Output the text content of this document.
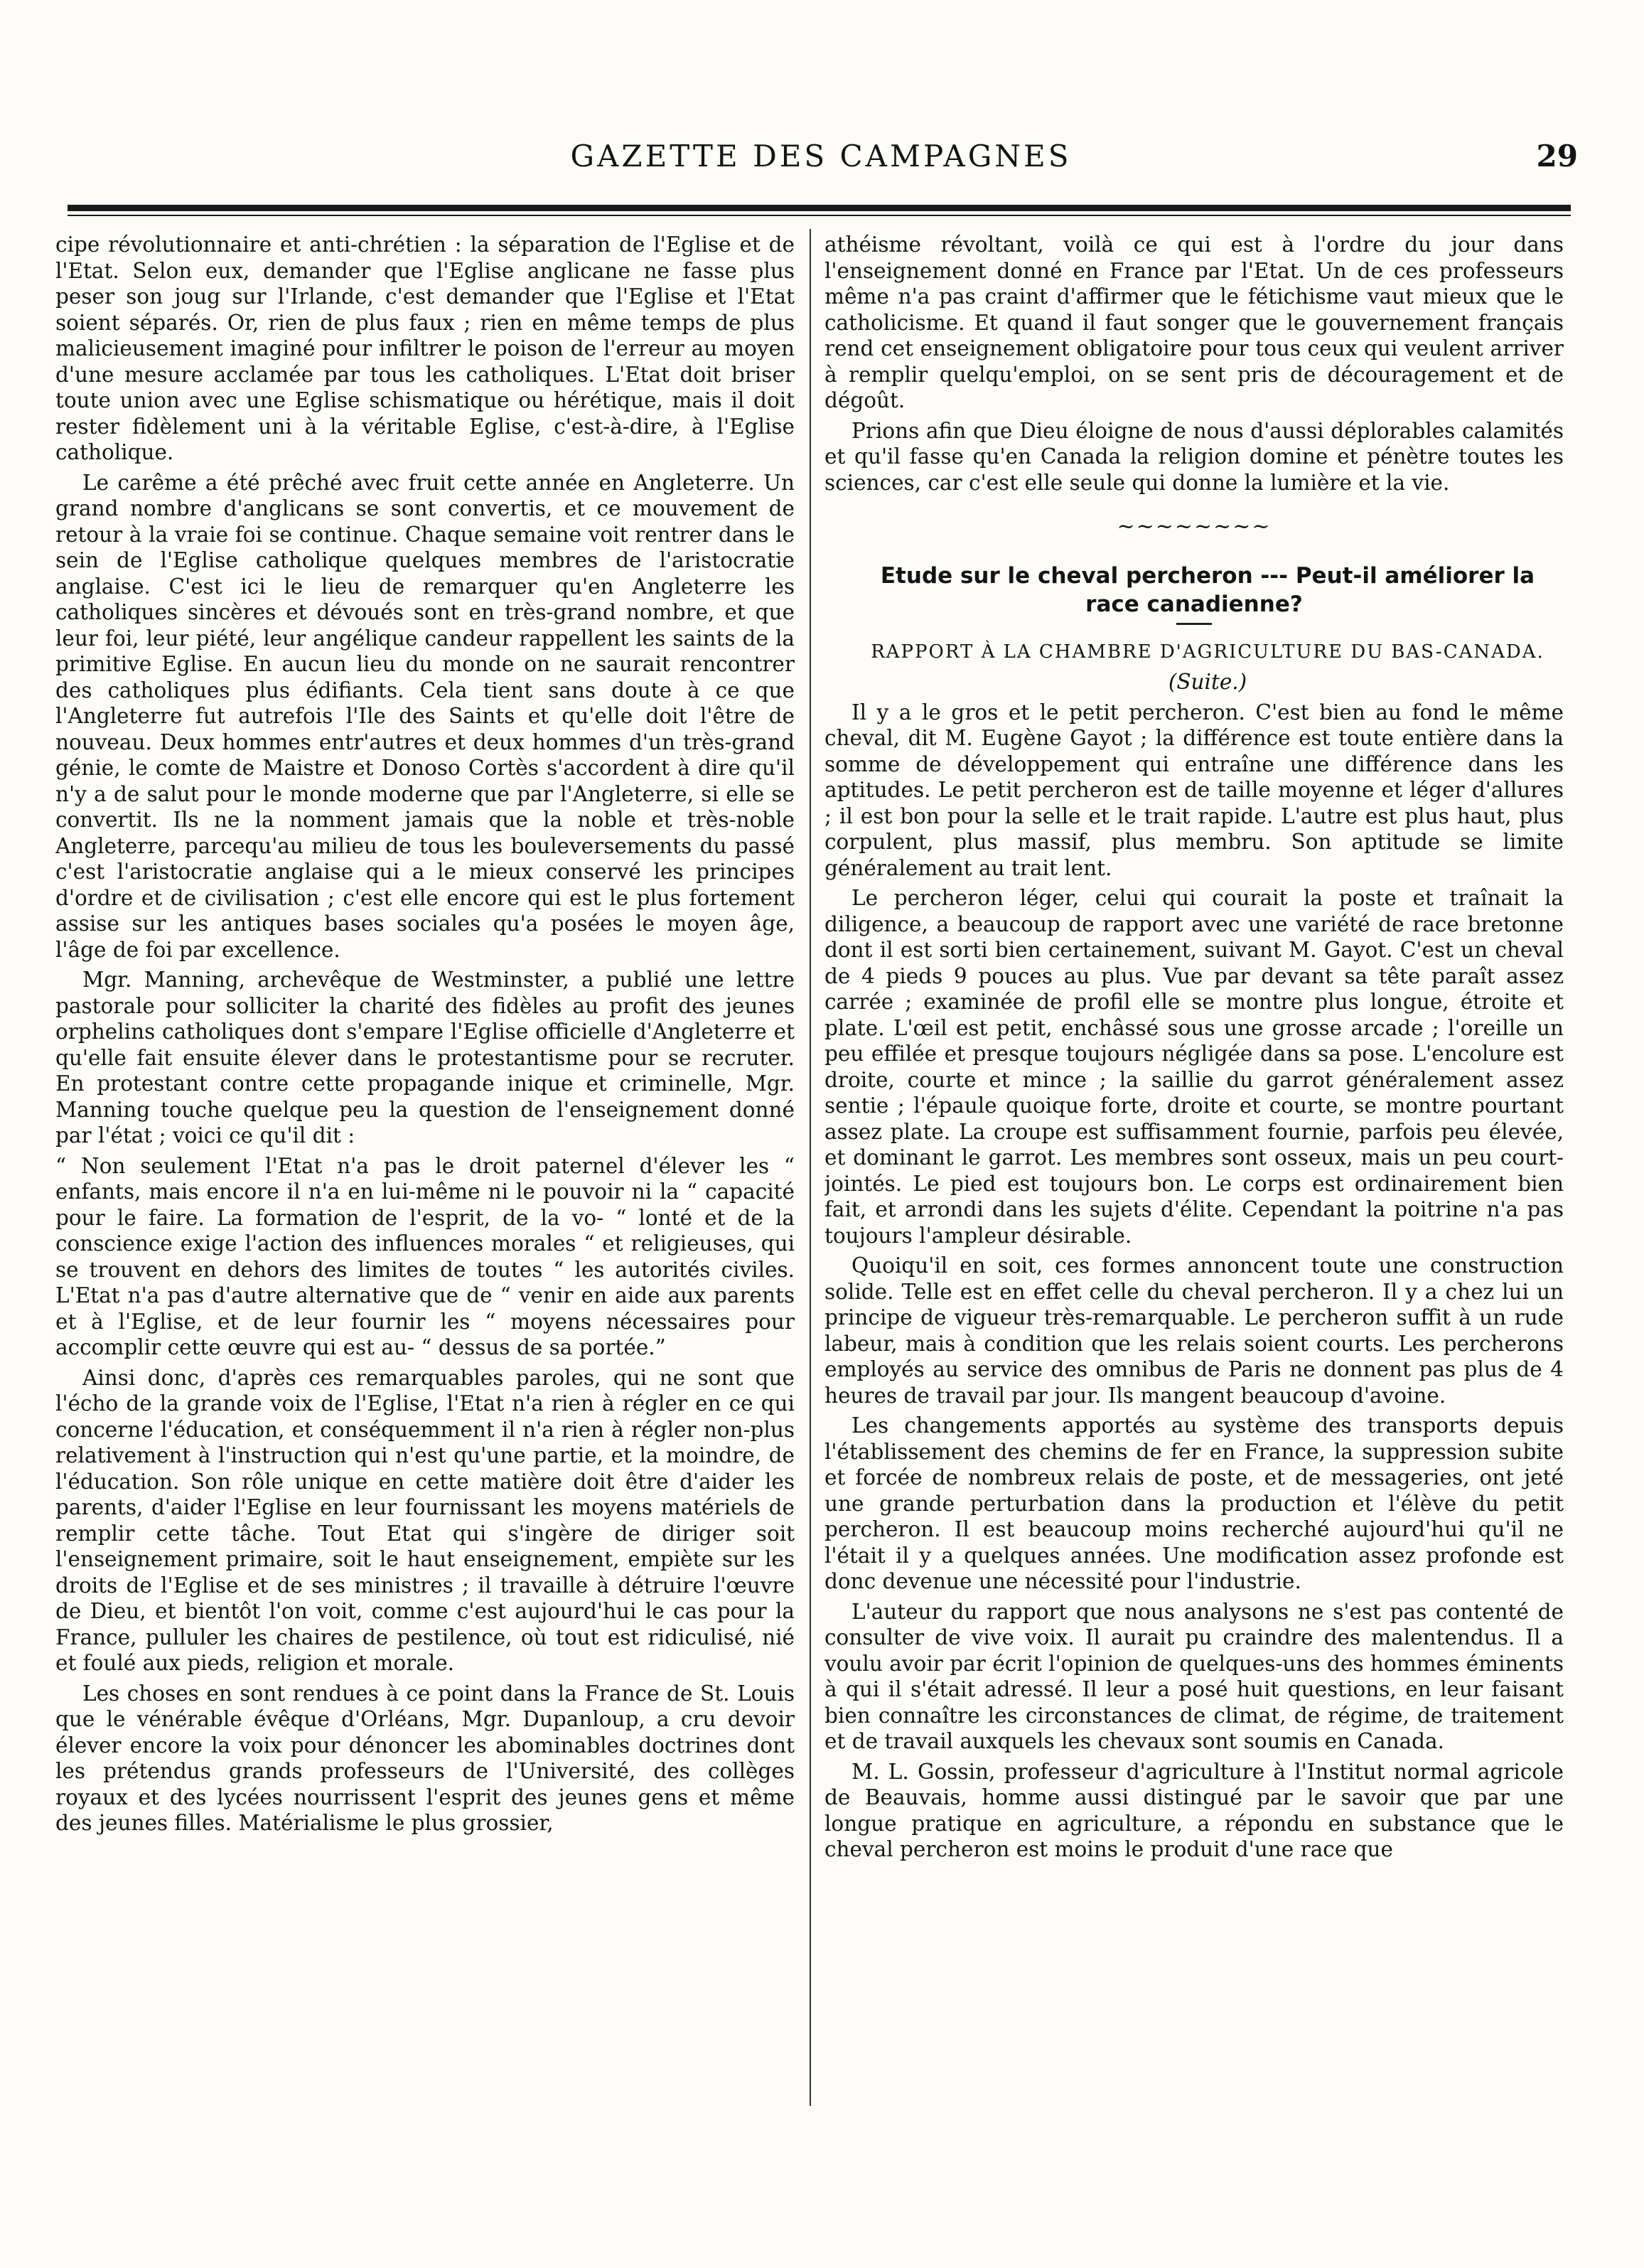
GAZETTE DES CAMPAGNES	29

cipe révolutionnaire et anti-chrétien : la séparation de l'Eglise et de l'Etat. Selon eux, demander que l'Eglise anglicane ne fasse plus peser son joug sur l'Irlande, c'est demander que l'Eglise et l'Etat soient séparés. Or, rien de plus faux ; rien en même temps de plus malicieusement imaginé pour infiltrer le poison de l'erreur au moyen d'une mesure acclamée par tous les catholiques. L'Etat doit briser toute union avec une Eglise schismatique ou hérétique, mais il doit rester fidèlement uni à la véritable Eglise, c'est-à-dire, à l'Eglise catholique.

Le carême a été prêché avec fruit cette année en Angleterre. Un grand nombre d'anglicans se sont convertis, et ce mouvement de retour à la vraie foi se continue. Chaque semaine voit rentrer dans le sein de l'Eglise catholique quelques membres de l'aristocratie anglaise. C'est ici le lieu de remarquer qu'en Angleterre les catholiques sincères et dévoués sont en très-grand nombre, et que leur foi, leur piété, leur angélique candeur rappellent les saints de la primitive Eglise. En aucun lieu du monde on ne saurait rencontrer des catholiques plus édifiants. Cela tient sans doute à ce que l'Angleterre fut autrefois l'Ile des Saints et qu'elle doit l'être de nouveau. Deux hommes entr'autres et deux hommes d'un très-grand génie, le comte de Maistre et Donoso Cortès s'accordent à dire qu'il n'y a de salut pour le monde moderne que par l'Angleterre, si elle se convertit. Ils ne la nomment jamais que la noble et très-noble Angleterre, parcequ'au milieu de tous les bouleversements du passé c'est l'aristocratie anglaise qui a le mieux conservé les principes d'ordre et de civilisation ; c'est elle encore qui est le plus fortement assise sur les antiques bases sociales qu'a posées le moyen âge, l'âge de foi par excellence.

Mgr. Manning, archevêque de Westminster, a publié une lettre pastorale pour solliciter la charité des fidèles au profit des jeunes orphelins catholiques dont s'empare l'Eglise officielle d'Angleterre et qu'elle fait ensuite élever dans le protestantisme pour se recruter. En protestant contre cette propagande inique et criminelle, Mgr. Manning touche quelque peu la question de l'enseignement donné par l'état ; voici ce qu'il dit :

“ Non seulement l'Etat n'a pas le droit paternel d'élever les “ enfants, mais encore il n'a en lui-même ni le pouvoir ni la “ capacité pour le faire. La formation de l'esprit, de la vo- “ lonté et de la conscience exige l'action des influences morales “ et religieuses, qui se trouvent en dehors des limites de toutes “ les autorités civiles. L'Etat n'a pas d'autre alternative que de “ venir en aide aux parents et à l'Eglise, et de leur fournir les “ moyens nécessaires pour accomplir cette œuvre qui est au- “ dessus de sa portée.”

Ainsi donc, d'après ces remarquables paroles, qui ne sont que l'écho de la grande voix de l'Eglise, l'Etat n'a rien à régler en ce qui concerne l'éducation, et conséquemment il n'a rien à régler non-plus relativement à l'instruction qui n'est qu'une partie, et la moindre, de l'éducation. Son rôle unique en cette matière doit être d'aider les parents, d'aider l'Eglise en leur fournissant les moyens matériels de remplir cette tâche. Tout Etat qui s'ingère de diriger soit l'enseignement primaire, soit le haut enseignement, empiète sur les droits de l'Eglise et de ses ministres ; il travaille à détruire l'œuvre de Dieu, et bientôt l'on voit, comme c'est aujourd'hui le cas pour la France, pulluler les chaires de pestilence, où tout est ridiculisé, nié et foulé aux pieds, religion et morale.

Les choses en sont rendues à ce point dans la France de St. Louis que le vénérable évêque d'Orléans, Mgr. Dupanloup, a cru devoir élever encore la voix pour dénoncer les abominables doctrines dont les prétendus grands professeurs de l'Université, des collèges royaux et des lycées nourrissent l'esprit des jeunes gens et même des jeunes filles. Matérialisme le plus grossier,

athéisme révoltant, voilà ce qui est à l'ordre du jour dans l'enseignement donné en France par l'Etat. Un de ces professeurs même n'a pas craint d'affirmer que le fétichisme vaut mieux que le catholicisme. Et quand il faut songer que le gouvernement français rend cet enseignement obligatoire pour tous ceux qui veulent arriver à remplir quelqu'emploi, on se sent pris de découragement et de dégoût.

Prions afin que Dieu éloigne de nous d'aussi déplorables calamités et qu'il fasse qu'en Canada la religion domine et pénètre toutes les sciences, car c'est elle seule qui donne la lumière et la vie.

~~~~~~~~

Etude sur le cheval percheron --- Peut-il améliorer la race canadienne?

RAPPORT À LA CHAMBRE D'AGRICULTURE DU BAS-CANADA.

(Suite.)

Il y a le gros et le petit percheron. C'est bien au fond le même cheval, dit M. Eugène Gayot ; la différence est toute entière dans la somme de développement qui entraîne une différence dans les aptitudes. Le petit percheron est de taille moyenne et léger d'allures ; il est bon pour la selle et le trait rapide. L'autre est plus haut, plus corpulent, plus massif, plus membru. Son aptitude se limite généralement au trait lent.

Le percheron léger, celui qui courait la poste et traînait la diligence, a beaucoup de rapport avec une variété de race bretonne dont il est sorti bien certainement, suivant M. Gayot. C'est un cheval de 4 pieds 9 pouces au plus. Vue par devant sa tête paraît assez carrée ; examinée de profil elle se montre plus longue, étroite et plate. L'œil est petit, enchâssé sous une grosse arcade ; l'oreille un peu effilée et presque toujours négligée dans sa pose. L'encolure est droite, courte et mince ; la saillie du garrot généralement assez sentie ; l'épaule quoique forte, droite et courte, se montre pourtant assez plate. La croupe est suffisamment fournie, parfois peu élevée, et dominant le garrot. Les membres sont osseux, mais un peu court-jointés. Le pied est toujours bon. Le corps est ordinairement bien fait, et arrondi dans les sujets d'élite. Cependant la poitrine n'a pas toujours l'ampleur désirable.

Quoiqu'il en soit, ces formes annoncent toute une construction solide. Telle est en effet celle du cheval percheron. Il y a chez lui un principe de vigueur très-remarquable. Le percheron suffit à un rude labeur, mais à condition que les relais soient courts. Les percherons employés au service des omnibus de Paris ne donnent pas plus de 4 heures de travail par jour. Ils mangent beaucoup d'avoine.

Les changements apportés au système des transports depuis l'établissement des chemins de fer en France, la suppression subite et forcée de nombreux relais de poste, et de messageries, ont jeté une grande perturbation dans la production et l'élève du petit percheron. Il est beaucoup moins recherché aujourd'hui qu'il ne l'était il y a quelques années. Une modification assez profonde est donc devenue une nécessité pour l'industrie.

L'auteur du rapport que nous analysons ne s'est pas contenté de consulter de vive voix. Il aurait pu craindre des malentendus. Il a voulu avoir par écrit l'opinion de quelques-uns des hommes éminents à qui il s'était adressé. Il leur a posé huit questions, en leur faisant bien connaître les circonstances de climat, de régime, de traitement et de travail auxquels les chevaux sont soumis en Canada.

M. L. Gossin, professeur d'agriculture à l'Institut normal agricole de Beauvais, homme aussi distingué par le savoir que par une longue pratique en agriculture, a répondu en substance que le cheval percheron est moins le produit d'une race que
